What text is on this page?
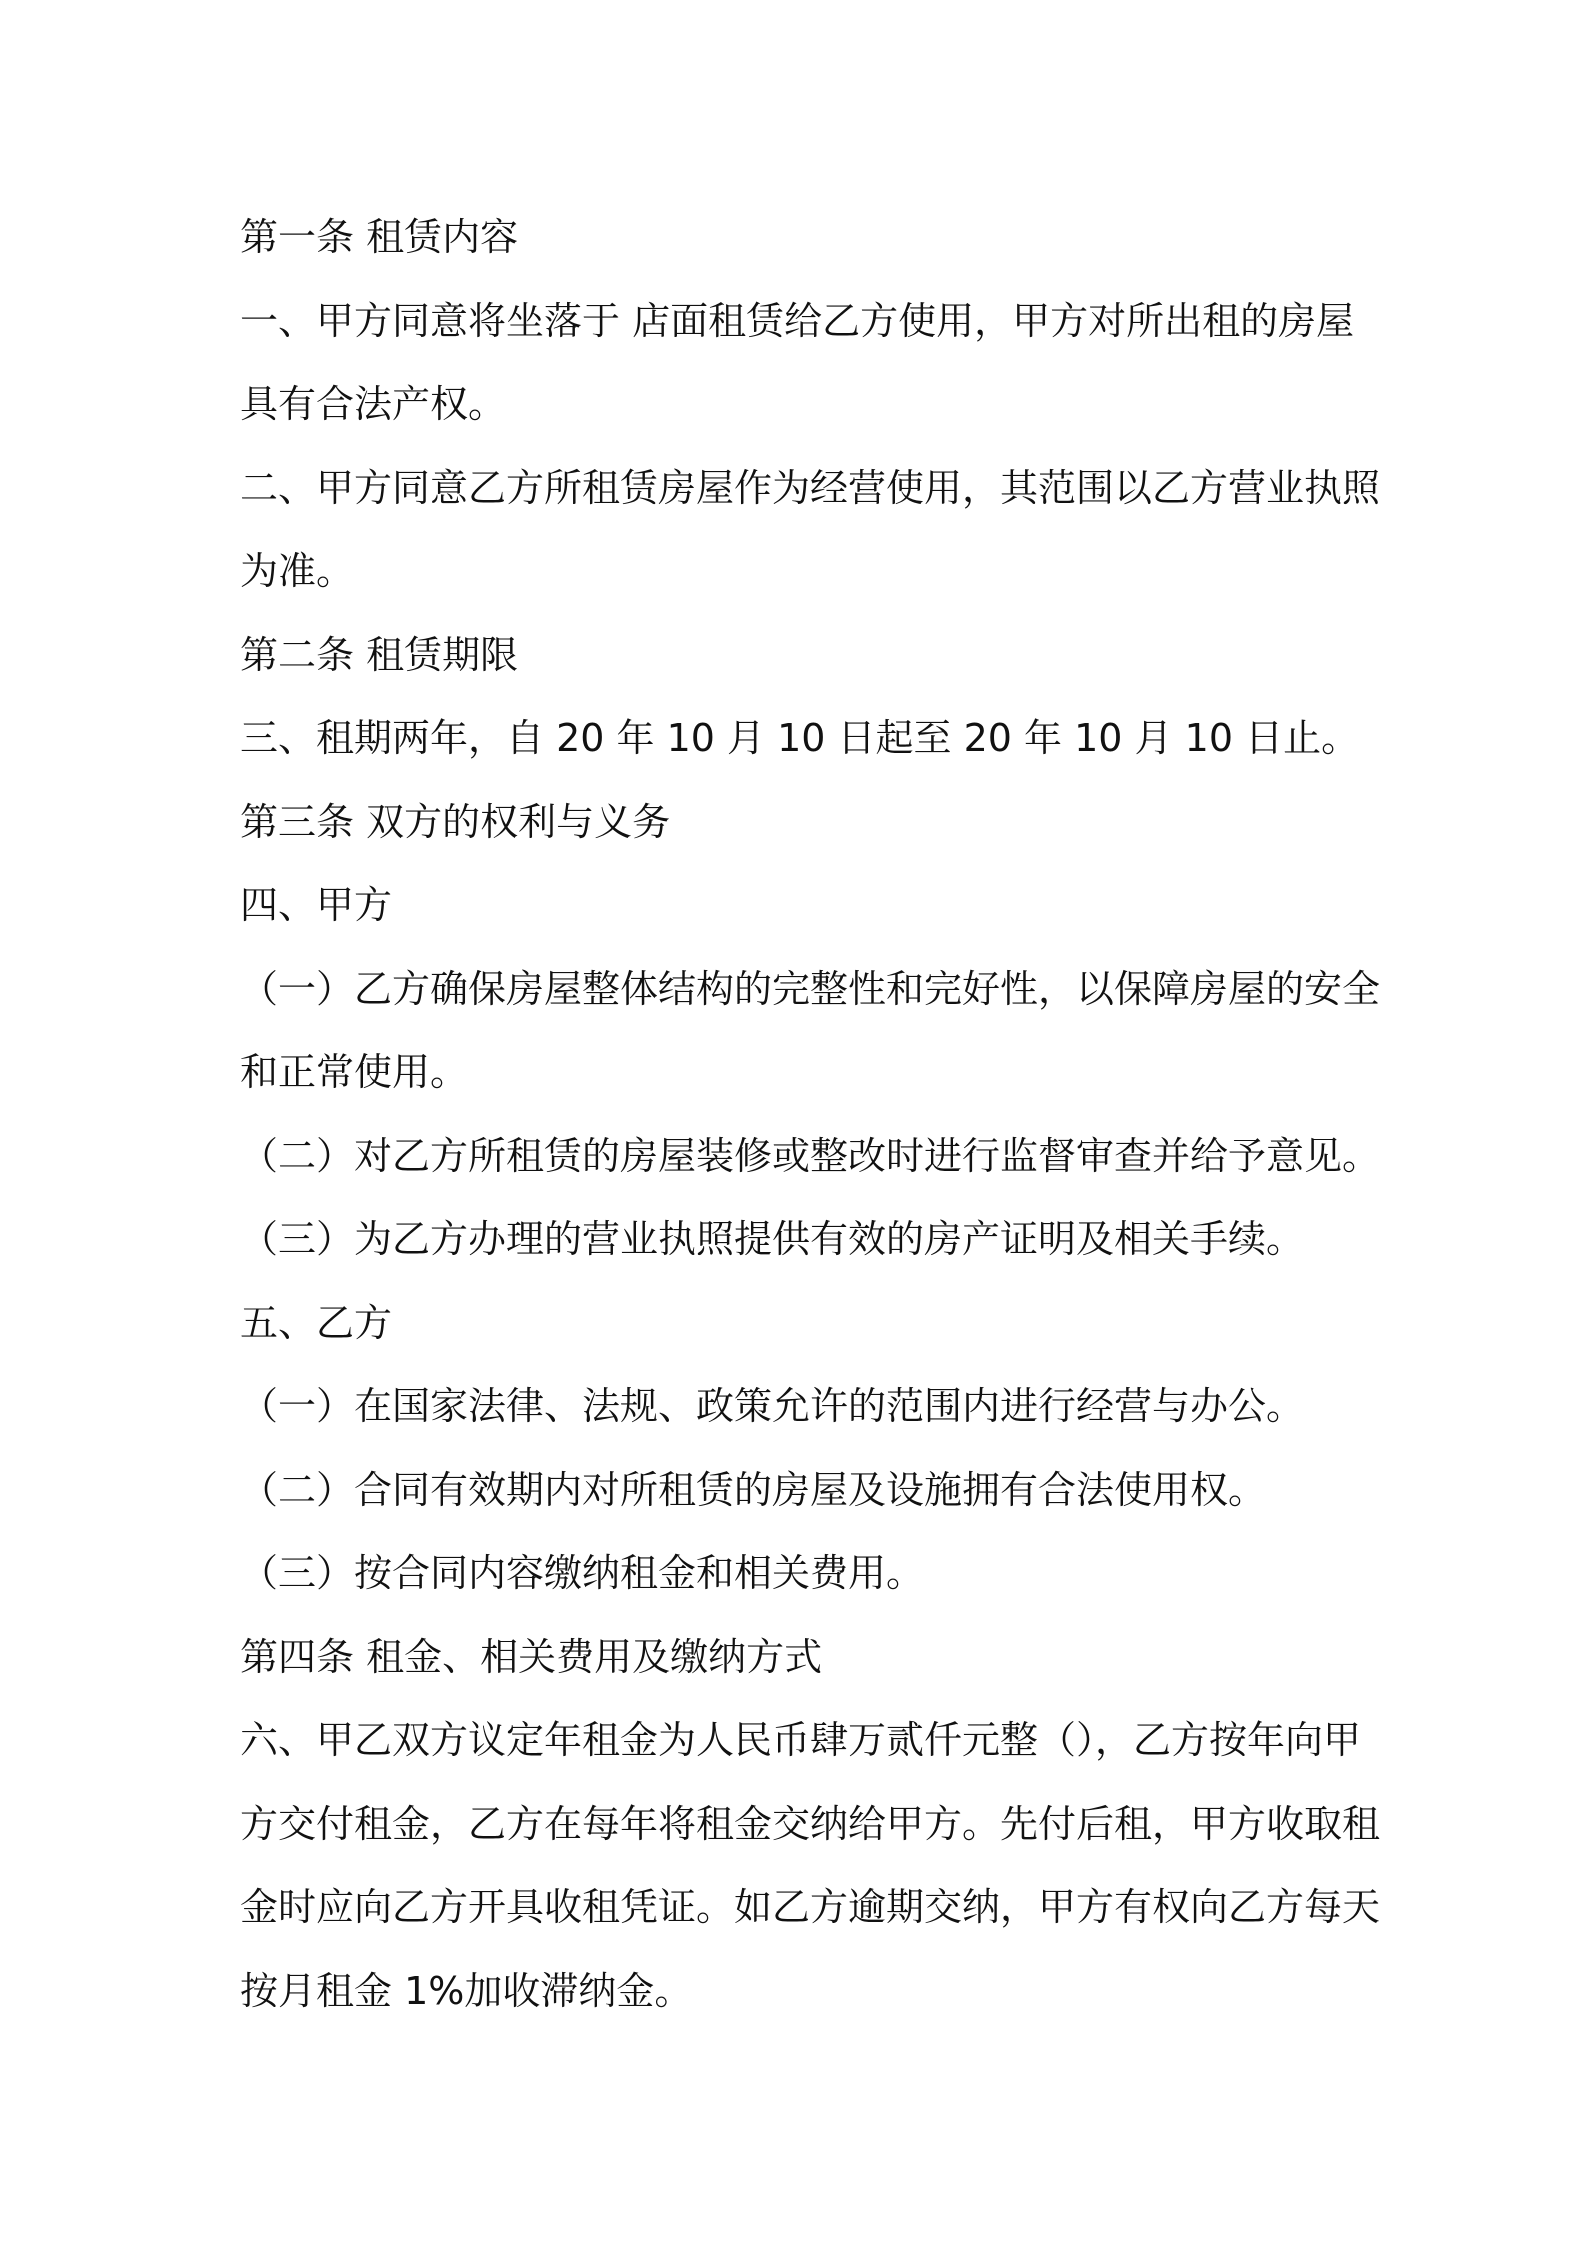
第一条 租赁内容
一、甲方同意将坐落于 店面租赁给乙方使用，甲方对所出租的房屋
具有合法产权。
二、甲方同意乙方所租赁房屋作为经营使用，其范围以乙方营业执照
为准。
第二条 租赁期限
三、租期两年，自 20 年 10 月 10 日起至 20 年 10 月 10 日止。
第三条 双方的权利与义务
四、甲方
（一）乙方确保房屋整体结构的完整性和完好性，以保障房屋的安全
和正常使用。
（二）对乙方所租赁的房屋装修或整改时进行监督审查并给予意见。
（三）为乙方办理的营业执照提供有效的房产证明及相关手续。
五、乙方
（一）在国家法律、法规、政策允许的范围内进行经营与办公。
（二）合同有效期内对所租赁的房屋及设施拥有合法使用权。
（三）按合同内容缴纳租金和相关费用。
第四条 租金、相关费用及缴纳方式
六、甲乙双方议定年租金为人民币肆万贰仟元整（），乙方按年向甲
方交付租金，乙方在每年将租金交纳给甲方。先付后租，甲方收取租
金时应向乙方开具收租凭证。如乙方逾期交纳，甲方有权向乙方每天
按月租金 1%加收滞纳金。
